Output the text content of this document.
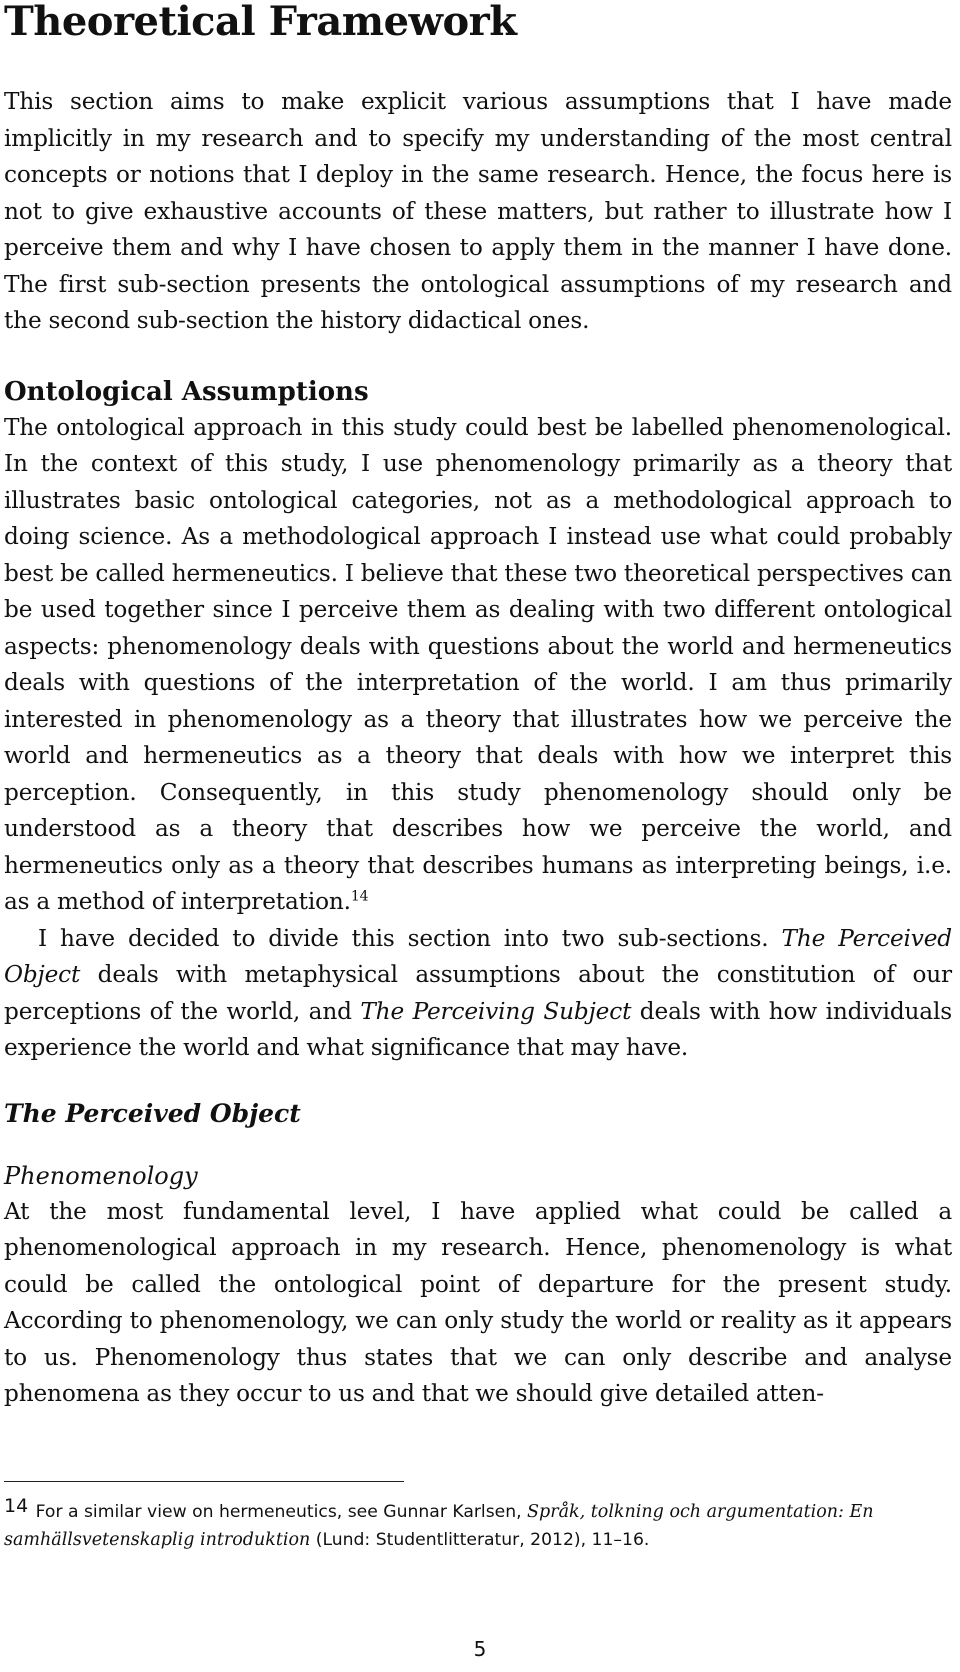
Theoretical Framework

This section aims to make explicit various assumptions that I have made implicitly in my research and to specify my understanding of the most central concepts or notions that I deploy in the same research. Hence, the focus here is not to give exhaustive accounts of these matters, but rather to illustrate how I perceive them and why I have chosen to apply them in the manner I have done. The first sub-section presents the ontological assumptions of my research and the second sub-section the history didactical ones.

Ontological Assumptions

The ontological approach in this study could best be labelled phenomenological. In the context of this study, I use phenomenology primarily as a theory that illustrates basic ontological categories, not as a methodological approach to doing science. As a methodological approach I instead use what could probably best be called hermeneutics. I believe that these two theoretical perspectives can be used together since I perceive them as dealing with two different ontological aspects: phenomenology deals with questions about the world and hermeneutics deals with questions of the interpretation of the world. I am thus primarily interested in phenomenology as a theory that illustrates how we perceive the world and hermeneutics as a theory that deals with how we interpret this perception. Consequently, in this study phenomenology should only be understood as a theory that describes how we perceive the world, and hermeneutics only as a theory that describes humans as interpreting beings, i.e. as a method of interpretation.$^{14}$

I have decided to divide this section into two sub-sections. The Perceived Object deals with metaphysical assumptions about the constitution of our perceptions of the world, and The Perceiving Subject deals with how individuals experience the world and what significance that may have.

The Perceived Object
Phenomenology

At the most fundamental level, I have applied what could be called a phenomenological approach in my research. Hence, phenomenology is what could be called the ontological point of departure for the present study. According to phenomenology, we can only study the world or reality as it appears to us. Phenomenology thus states that we can only describe and analyse phenomena as they occur to us and that we should give detailed atten-

14 For a similar view on hermeneutics, see Gunnar Karlsen, Språk, tolkning och argumentation: En samhällsvetenskaplig introduktion (Lund: Studentlitteratur, 2012), 11–16.
5
